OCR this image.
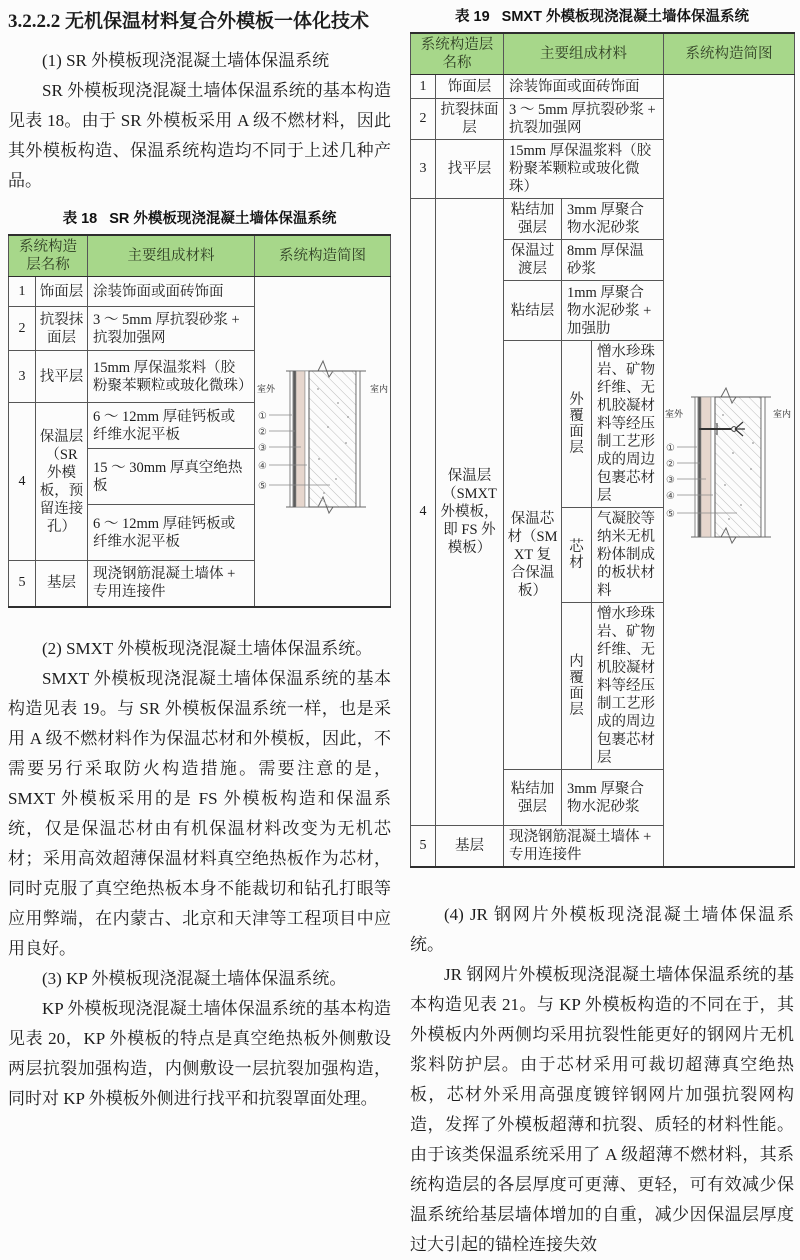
3.2.2.2 无机保温材料复合外模板一体化技术

(1) SR 外模板现浇混凝土墙体保温系统

SR 外模板现浇混凝土墙体保温系统的基本构造见表 18。由于 SR 外模板采用 A 级不燃材料，因此其外模板构造、保温系统构造均不同于上述几种产品。

表 18 SR 外模板现浇混凝土墙体保温系统
系统构造层名称		主要组成材料	系统构造简图
1	饰面层	涂装饰面或面砖饰面	
室外	室内
①
②
③
④
⑤

2	抗裂抹面层	3 ～ 5mm 厚抗裂砂浆 + 抗裂加强网	
3	找平层	15mm 厚保温浆料（胶粉聚苯颗粒或玻化微珠）	
4	保温层（SR 外模板，预留连接孔）	6 ～ 12mm 厚硅钙板或纤维水泥平板	
		15 ～ 30mm 厚真空绝热板	
		6 ～ 12mm 厚硅钙板或纤维水泥平板	
5	基层	现浇钢筋混凝土墙体 + 专用连接件	

(2) SMXT 外模板现浇混凝土墙体保温系统。

SMXT 外模板现浇混凝土墙体保温系统的基本构造见表 19。与 SR 外模板保温系统一样，也是采用 A 级不燃材料作为保温芯材和外模板，因此，不需要另行采取防火构造措施。需要注意的是，SMXT 外模板采用的是 FS 外模板构造和保温系统，仅是保温芯材由有机保温材料改变为无机芯材；采用高效超薄保温材料真空绝热板作为芯材，同时克服了真空绝热板本身不能裁切和钻孔打眼等应用弊端，在内蒙古、北京和天津等工程项目中应用良好。

(3) KP 外模板现浇混凝土墙体保温系统。

KP 外模板现浇混凝土墙体保温系统的基本构造见表 20，KP 外模板的特点是真空绝热板外侧敷设两层抗裂加强构造，内侧敷设一层抗裂加强构造，同时对 KP 外模板外侧进行找平和抗裂罩面处理。

表 19 SMXT 外模板现浇混凝土墙体保温系统
系统构造层名称		主要组成材料			系统构造简图
1	饰面层	涂装饰面或面砖饰面	
室外	室内
①
②
③
④
⑤

2	抗裂抹面层	3 ～ 5mm 厚抗裂砂浆 + 抗裂加强网			
3	找平层	15mm 厚保温浆料（胶粉聚苯颗粒或玻化微珠）			
4	保温层（SMXT 外模板，即 FS 外模板）	粘结加强层	3mm 厚聚合物水泥砂浆		
		保温过渡层	8mm 厚保温砂浆		
		粘结层	1mm 厚聚合物水泥砂浆 + 加强肋		
		保温芯材（SMXT 复合保温板）	外覆面层	憎水珍珠岩、矿物纤维、无机胶凝材料等经压制工艺形成的周边包裹芯材层	
			芯材	气凝胶等纳米无机粉体制成的板状材料	
			内覆面层	憎水珍珠岩、矿物纤维、无机胶凝材料等经压制工艺形成的周边包裹芯材层	
		粘结加强层	3mm 厚聚合物水泥砂浆		
5	基层	现浇钢筋混凝土墙体 + 专用连接件			

(4) JR 钢网片外模板现浇混凝土墙体保温系统。

JR 钢网片外模板现浇混凝土墙体保温系统的基本构造见表 21。与 KP 外模板构造的不同在于，其外模板内外两侧均采用抗裂性能更好的钢网片无机浆料防护层。由于芯材采用可裁切超薄真空绝热板，芯材外采用高强度镀锌钢网片加强抗裂网构造，发挥了外模板超薄和抗裂、质轻的材料性能。由于该类保温系统采用了 A 级超薄不燃材料，其系统构造层的各层厚度可更薄、更轻，可有效减少保温系统给基层墙体增加的自重，减少因保温层厚度过大引起的锚栓连接失效
